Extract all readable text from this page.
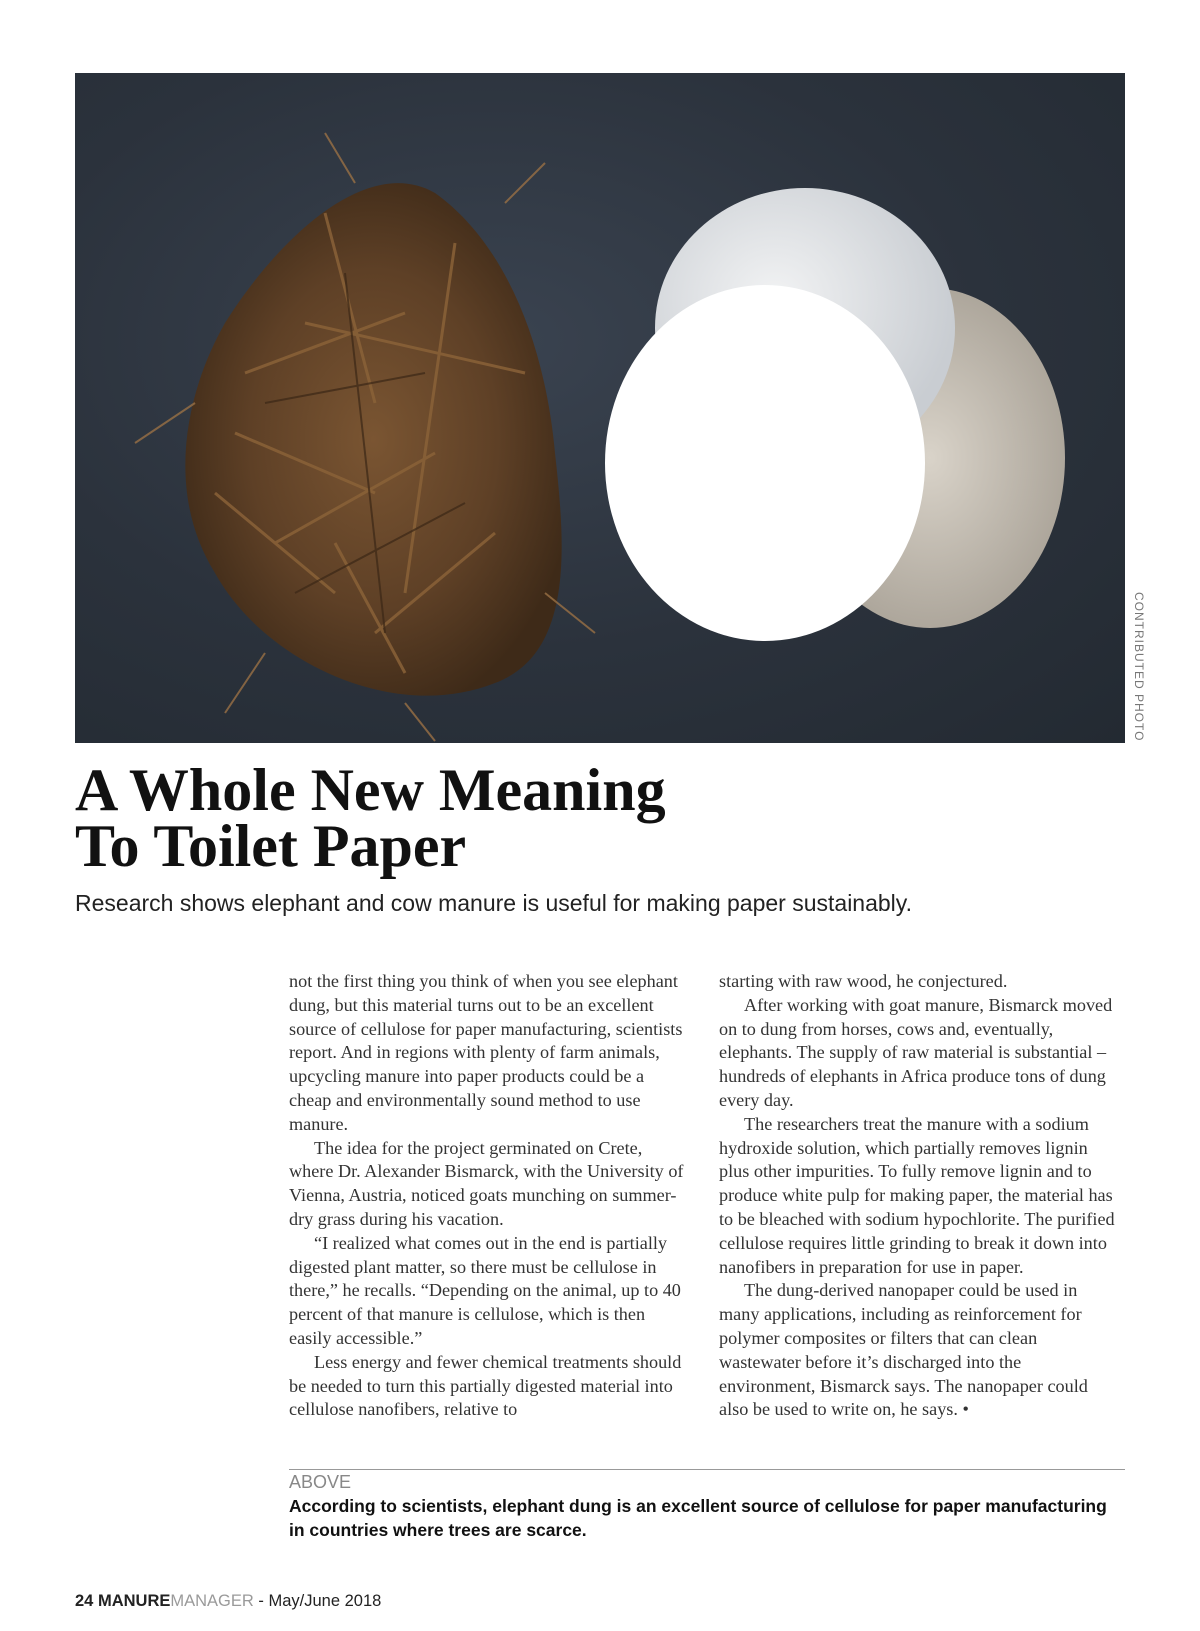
CONTRIBUTED PHOTO
A Whole New Meaning
To Toilet Paper

Research shows elephant and cow manure is useful for making paper sustainably.

not the first thing you think of when you see elephant dung, but this material turns out to be an excellent source of cellulose for paper manufacturing, scientists report. And in regions with plenty of farm animals, upcycling manure into paper products could be a cheap and environmentally sound method to use manure.

The idea for the project germinated on Crete, where Dr. Alexander Bismarck, with the University of Vienna, Austria, noticed goats munching on summer-dry grass during his vacation.

“I realized what comes out in the end is partially digested plant matter, so there must be cellulose in there,” he recalls. “Depending on the animal, up to 40 percent of that manure is cellulose, which is then easily accessible.”

Less energy and fewer chemical treatments should be needed to turn this partially digested material into cellulose nanofibers, relative to

starting with raw wood, he conjectured.

After working with goat manure, Bismarck moved on to dung from horses, cows and, eventually, elephants. The supply of raw material is substantial – hundreds of elephants in Africa produce tons of dung every day.

The researchers treat the manure with a sodium hydroxide solution, which partially removes lignin plus other impurities. To fully remove lignin and to produce white pulp for making paper, the material has to be bleached with sodium hypochlorite. The purified cellulose requires little grinding to break it down into nanofibers in preparation for use in paper.

The dung-derived nanopaper could be used in many applications, including as reinforcement for polymer composites or filters that can clean wastewater before it’s discharged into the environment, Bismarck says. The nanopaper could also be used to write on, he says. •

ABOVE

According to scientists, elephant dung is an excellent source of cellulose for paper manufacturing in countries where trees are scarce.

24 MANUREMANAGER - May/June 2018
